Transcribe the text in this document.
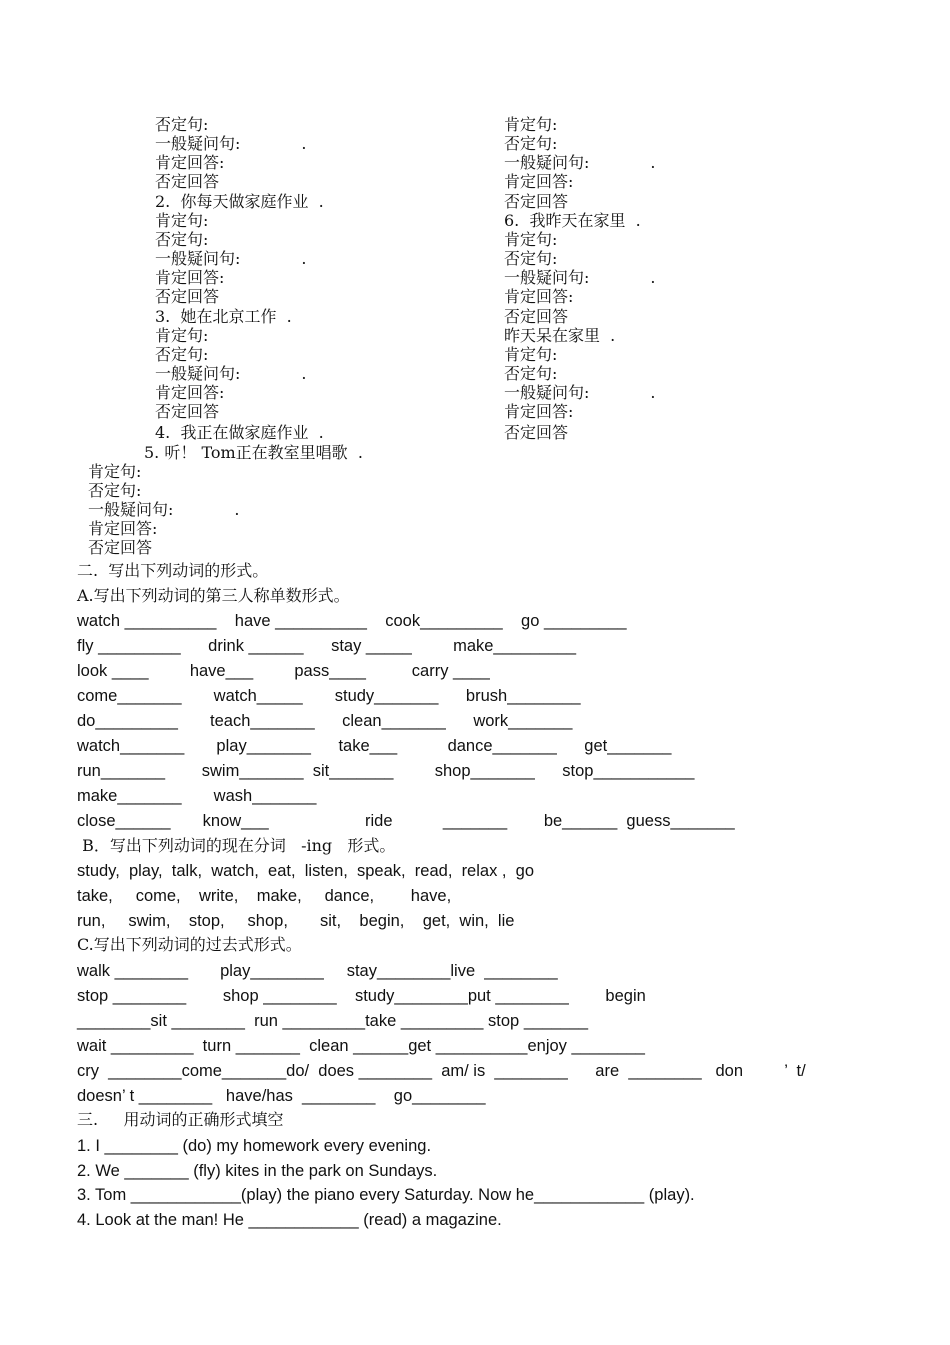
否定句:
一般疑问句:            .
肯定回答:
否定回答
2.  你每天做家庭作业  .
肯定句:
否定句:
一般疑问句:            .
肯定回答:
否定回答
3.  她在北京工作  .
肯定句:
否定句:
一般疑问句:            .
肯定回答:
否定回答
4.  我正在做家庭作业  .
肯定句:
否定句:
一般疑问句:            .
肯定回答:
否定回答
6.  我昨天在家里  .
肯定句:
否定句:
一般疑问句:            .
肯定回答:
否定回答
昨天呆在家里  .
肯定句:
否定句:
一般疑问句:            .
肯定回答:
否定回答
5. 听！ Tom正在教室里唱歌  .
肯定句:
否定句:
一般疑问句:            .
肯定回答:
否定回答
二.  写出下列动词的形式。
A.写出下列动词的第三人称单数形式。
watch __________    have __________    cook_________    go _________
fly _________      drink ______      stay _____         make_________
look ____         have___         pass____          carry ____
come_______       watch_____       study_______      brush________
do_________       teach_______      clean_______      work_______
watch_______       play_______      take___           dance_______      get_______
run_______        swim_______  sit_______         shop_______      stop___________
make_______       wash_______
close______       know___                     ride           _______        be______  guess_______
B．写出下列动词的现在分词   -ing   形式。
study,  play,  talk,  watch,  eat,  listen,  speak,  read,  relax ,  go
take,     come,    write,    make,     dance,        have,
run,     swim,    stop,     shop,       sit,    begin,    get,  win,  lie
C.写出下列动词的过去式形式。
walk ________       play________     stay________live  ________
stop ________        shop ________    study________put ________        begin
________sit ________  run _________take _________ stop _______
wait _________  turn _______  clean ______get __________enjoy ________
cry  ________come_______do/  does ________  am/ is  ________      are  ________   don         ’  t/
doesn’ t ________   have/has  ________    go________
三.     用动词的正确形式填空
1. I ________ (do) my homework every evening.
2. We _______ (fly) kites in the park on Sundays.
3. Tom ____________(play) the piano every Saturday. Now he____________ (play).
4. Look at the man! He ____________ (read) a magazine.
